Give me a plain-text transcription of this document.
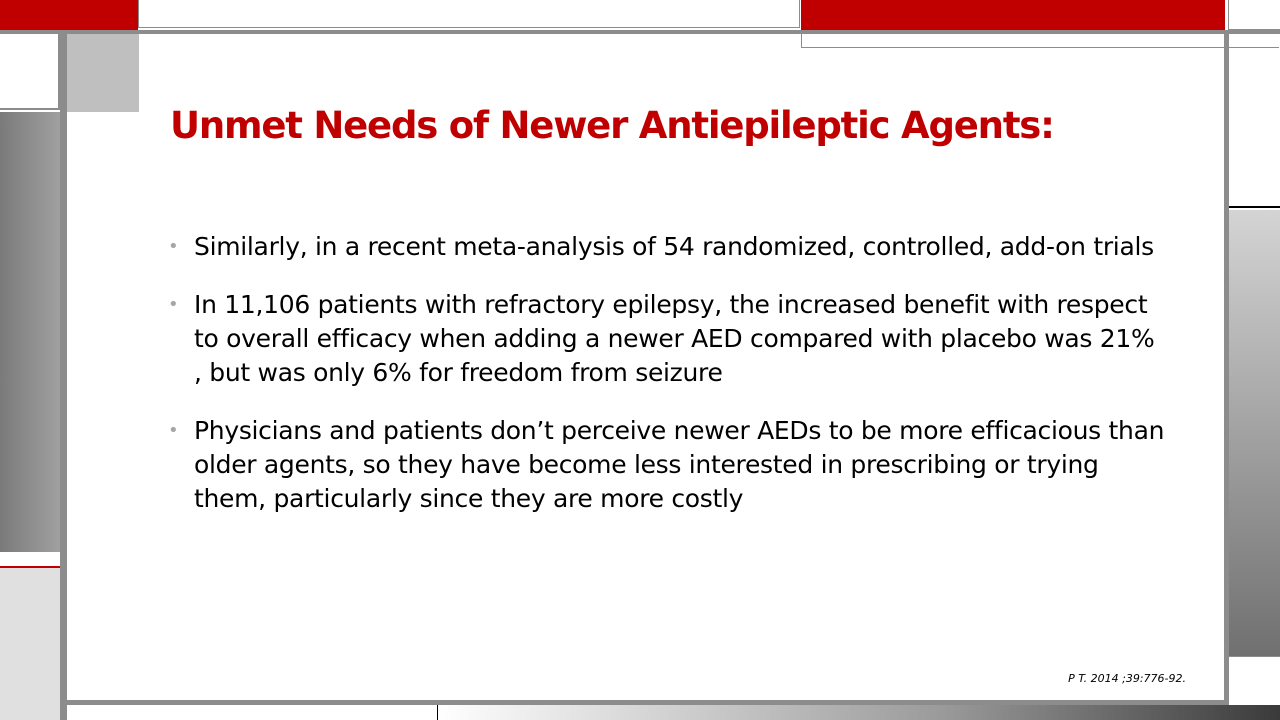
Unmet Needs of Newer Antiepileptic Agents:
• Similarly, in a recent meta-analysis of 54 randomized, controlled, add-on trials
• In 11,106 patients with refractory epilepsy, the increased benefit with respect to overall efficacy when adding a newer AED compared with placebo was 21% , but was only 6% for freedom from seizure
• Physicians and patients don’t perceive newer AEDs to be more efficacious than older agents, so they have become less interested in prescribing or trying them, particularly since they are more costly
P T. 2014 ;39:776-92.
